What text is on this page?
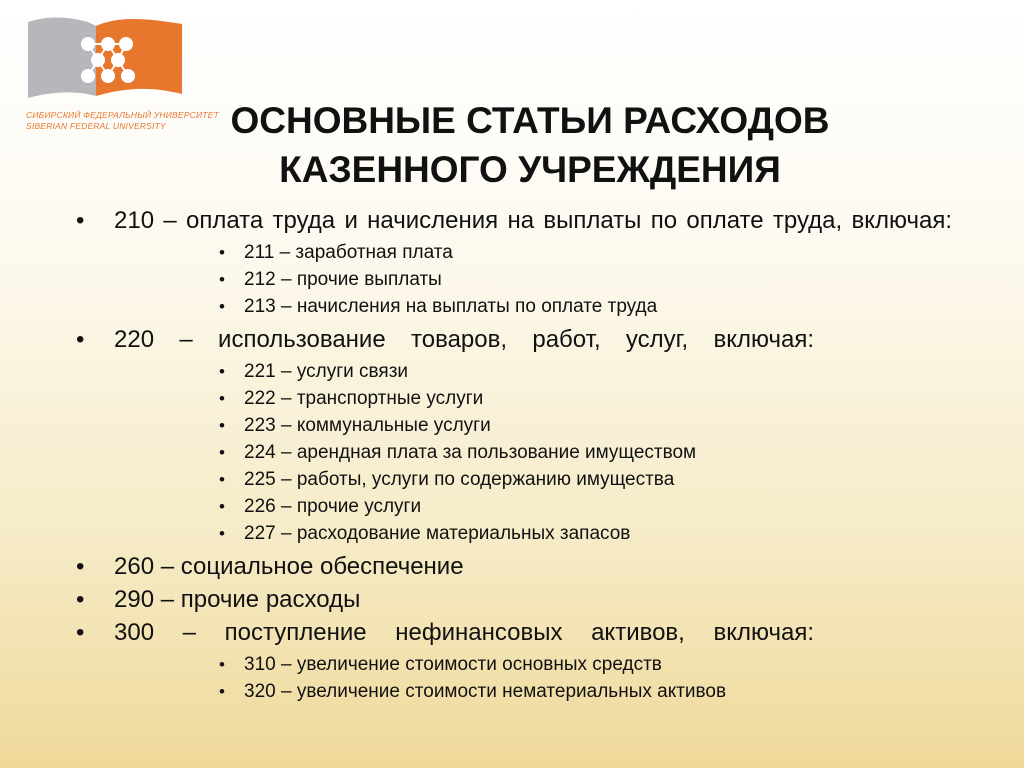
СИБИРСКИЙ ФЕДЕРАЛЬНЫЙ УНИВЕРСИТЕТ
SIBERIAN FEDERAL UNIVERSITY	ОСНОВНЫЕ СТАТЬИ РАСХОДОВ
КАЗЕННОГО УЧРЕЖДЕНИЯ
• 210 – оплата труда и начисления на выплаты по оплате труда, включая:
• 211 – заработная плата
• 212 – прочие выплаты
• 213 – начисления на выплаты по оплате труда
• 220 – использование товаров, работ, услуг, включая:
• 221 – услуги связи
• 222 – транспортные услуги
• 223 – коммунальные услуги
• 224 – арендная плата за пользование имуществом
• 225 – работы, услуги по содержанию имущества
• 226 – прочие услуги
• 227 – расходование материальных запасов
• 260 – социальное обеспечение
• 290 – прочие расходы
• 300 – поступление нефинансовых активов, включая:
• 310 – увеличение стоимости основных средств
• 320 – увеличение стоимости нематериальных активов
